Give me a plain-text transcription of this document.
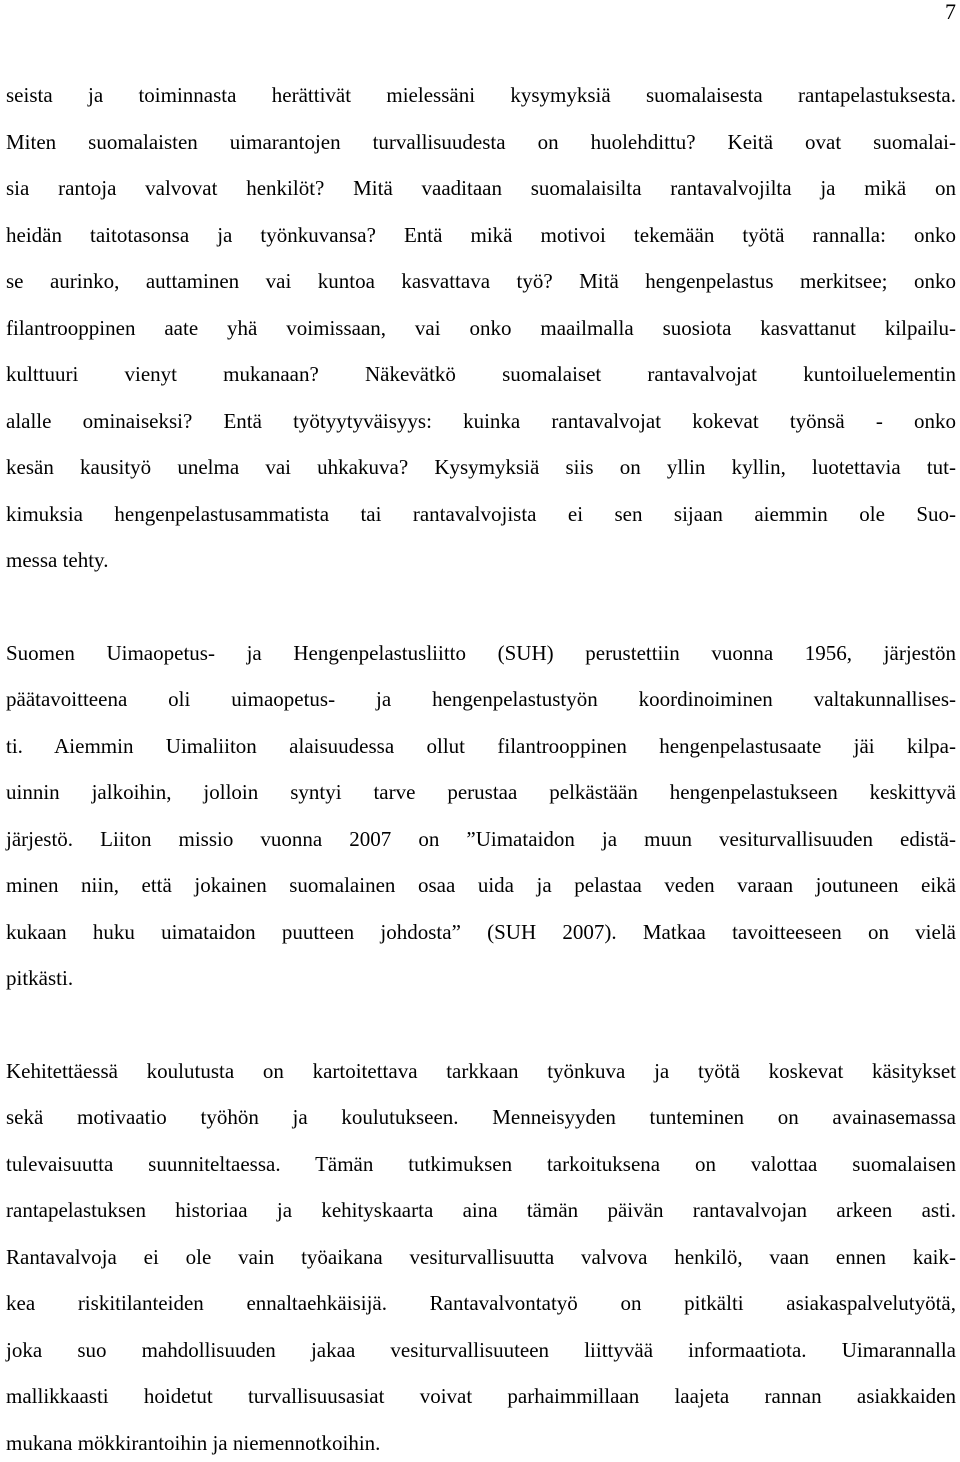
7
seista ja toiminnasta herättivät mielessäni kysymyksiä suomalaisesta rantapelastuksesta.
Miten suomalaisten uimarantojen turvallisuudesta on huolehdittu? Keitä ovat suomalai-
sia rantoja valvovat henkilöt? Mitä vaaditaan suomalaisilta rantavalvojilta ja mikä on
heidän taitotasonsa ja työnkuvansa? Entä mikä motivoi tekemään työtä rannalla: onko
se aurinko, auttaminen vai kuntoa kasvattava työ? Mitä hengenpelastus merkitsee; onko
filantrooppinen aate yhä voimissaan, vai onko maailmalla suosiota kasvattanut kilpailu-
kulttuuri vienyt mukanaan? Näkevätkö suomalaiset rantavalvojat kuntoiluelementin
alalle ominaiseksi? Entä työtyytyväisyys: kuinka rantavalvojat kokevat työnsä - onko
kesän kausityö unelma vai uhkakuva? Kysymyksiä siis on yllin kyllin, luotettavia tut-
kimuksia hengenpelastusammatista tai rantavalvojista ei sen sijaan aiemmin ole Suo-
messa tehty.
Suomen Uimaopetus- ja Hengenpelastusliitto (SUH) perustettiin vuonna 1956, järjestön
päätavoitteena oli uimaopetus- ja hengenpelastustyön koordinoiminen valtakunnallises-
ti. Aiemmin Uimaliiton alaisuudessa ollut filantrooppinen hengenpelastusaate jäi kilpa-
uinnin jalkoihin, jolloin syntyi tarve perustaa pelkästään hengenpelastukseen keskittyvä
järjestö. Liiton missio vuonna 2007 on ”Uimataidon ja muun vesiturvallisuuden edistä-
minen niin, että jokainen suomalainen osaa uida ja pelastaa veden varaan joutuneen eikä
kukaan huku uimataidon puutteen johdosta” (SUH 2007). Matkaa tavoitteeseen on vielä
pitkästi.
Kehitettäessä koulutusta on kartoitettava tarkkaan työnkuva ja työtä koskevat käsitykset
sekä motivaatio työhön ja koulutukseen. Menneisyyden tunteminen on avainasemassa
tulevaisuutta suunniteltaessa. Tämän tutkimuksen tarkoituksena on valottaa suomalaisen
rantapelastuksen historiaa ja kehityskaarta aina tämän päivän rantavalvojan arkeen asti.
Rantavalvoja ei ole vain työaikana vesiturvallisuutta valvova henkilö, vaan ennen kaik-
kea riskitilanteiden ennaltaehkäisijä. Rantavalvontatyö on pitkälti asiakaspalvelutyötä,
joka suo mahdollisuuden jakaa vesiturvallisuuteen liittyvää informaatiota. Uimarannalla
mallikkaasti hoidetut turvallisuusasiat voivat parhaimmillaan laajeta rannan asiakkaiden
mukana mökkirantoihin ja niemennotkoihin.
